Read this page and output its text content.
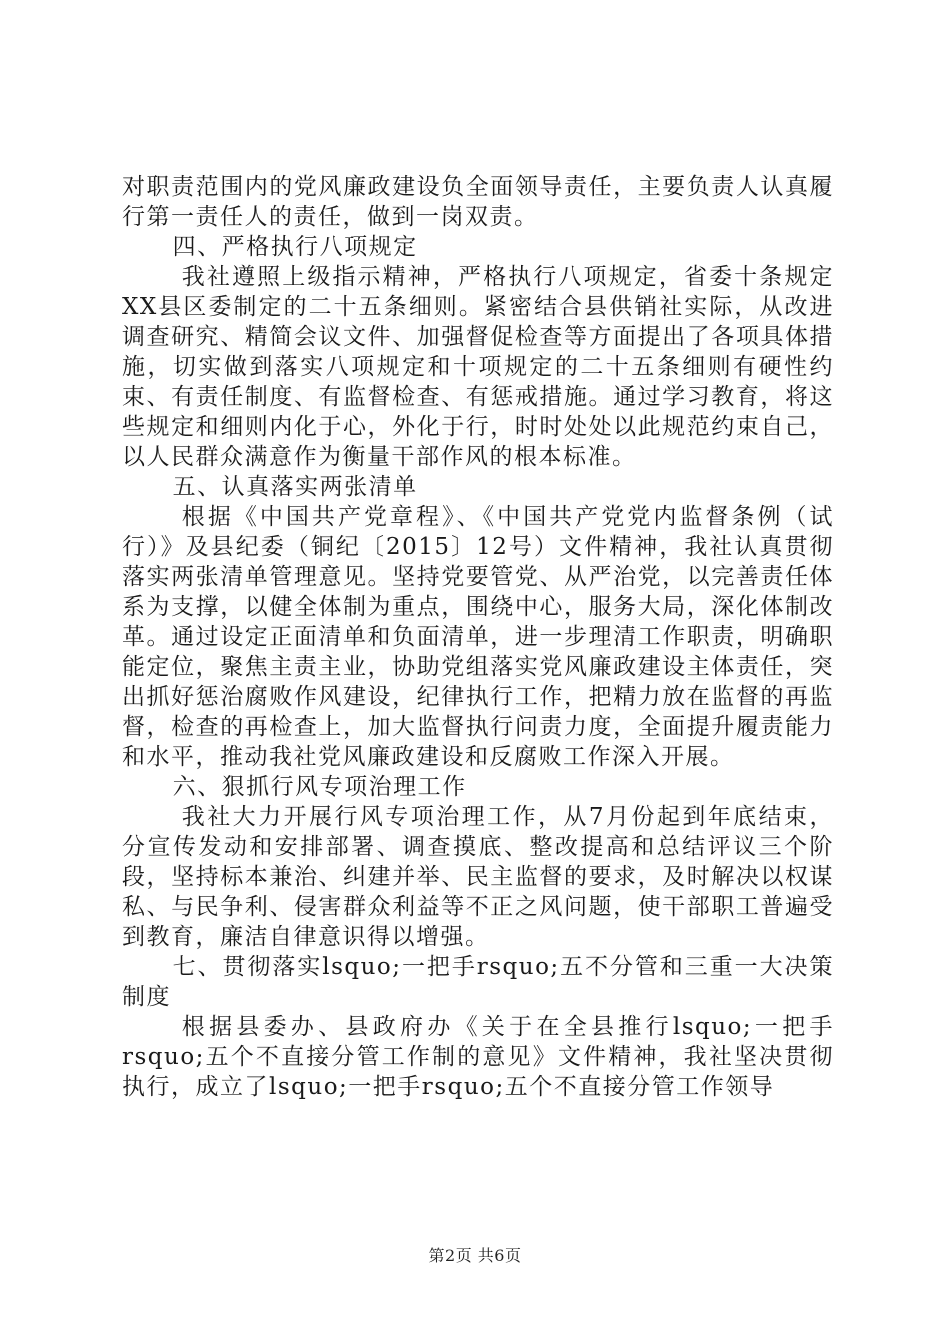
对职责范围内的党风廉政建设负全面领导责任，主要负责人认真履行第一责任人的责任，做到一岗双责。

四、严格执行八项规定

我社遵照上级指示精神，严格执行八项规定，省委十条规定XX县区委制定的二十五条细则。紧密结合县供销社实际，从改进调查研究、精简会议文件、加强督促检查等方面提出了各项具体措施，切实做到落实八项规定和十项规定的二十五条细则有硬性约束、有责任制度、有监督检查、有惩戒措施。通过学习教育，将这些规定和细则内化于心，外化于行，时时处处以此规范约束自己，以人民群众满意作为衡量干部作风的根本标准。

五、认真落实两张清单

根据《中国共产党章程》、《中国共产党党内监督条例（试行）》及县纪委（铜纪〔2015〕12号）文件精神，我社认真贯彻落实两张清单管理意见。坚持党要管党、从严治党，以完善责任体系为支撑，以健全体制为重点，围绕中心，服务大局，深化体制改革。通过设定正面清单和负面清单，进一步理清工作职责，明确职能定位，聚焦主责主业，协助党组落实党风廉政建设主体责任，突出抓好惩治腐败作风建设，纪律执行工作，把精力放在监督的再监督，检查的再检查上，加大监督执行问责力度，全面提升履责能力和水平，推动我社党风廉政建设和反腐败工作深入开展。

六、狠抓行风专项治理工作

我社大力开展行风专项治理工作，从7月份起到年底结束，分宣传发动和安排部署、调查摸底、整改提高和总结评议三个阶段，坚持标本兼治、纠建并举、民主监督的要求，及时解决以权谋私、与民争利、侵害群众利益等不正之风问题，使干部职工普遍受到教育，廉洁自律意识得以增强。

七、贯彻落实lsquo;一把手rsquo;五不分管和三重一大决策制度

根据县委办、县政府办《关于在全县推行lsquo;一把手rsquo;五个不直接分管工作制的意见》文件精神，我社坚决贯彻执行，成立了lsquo;一把手rsquo;五个不直接分管工作领导

第2页 共6页
